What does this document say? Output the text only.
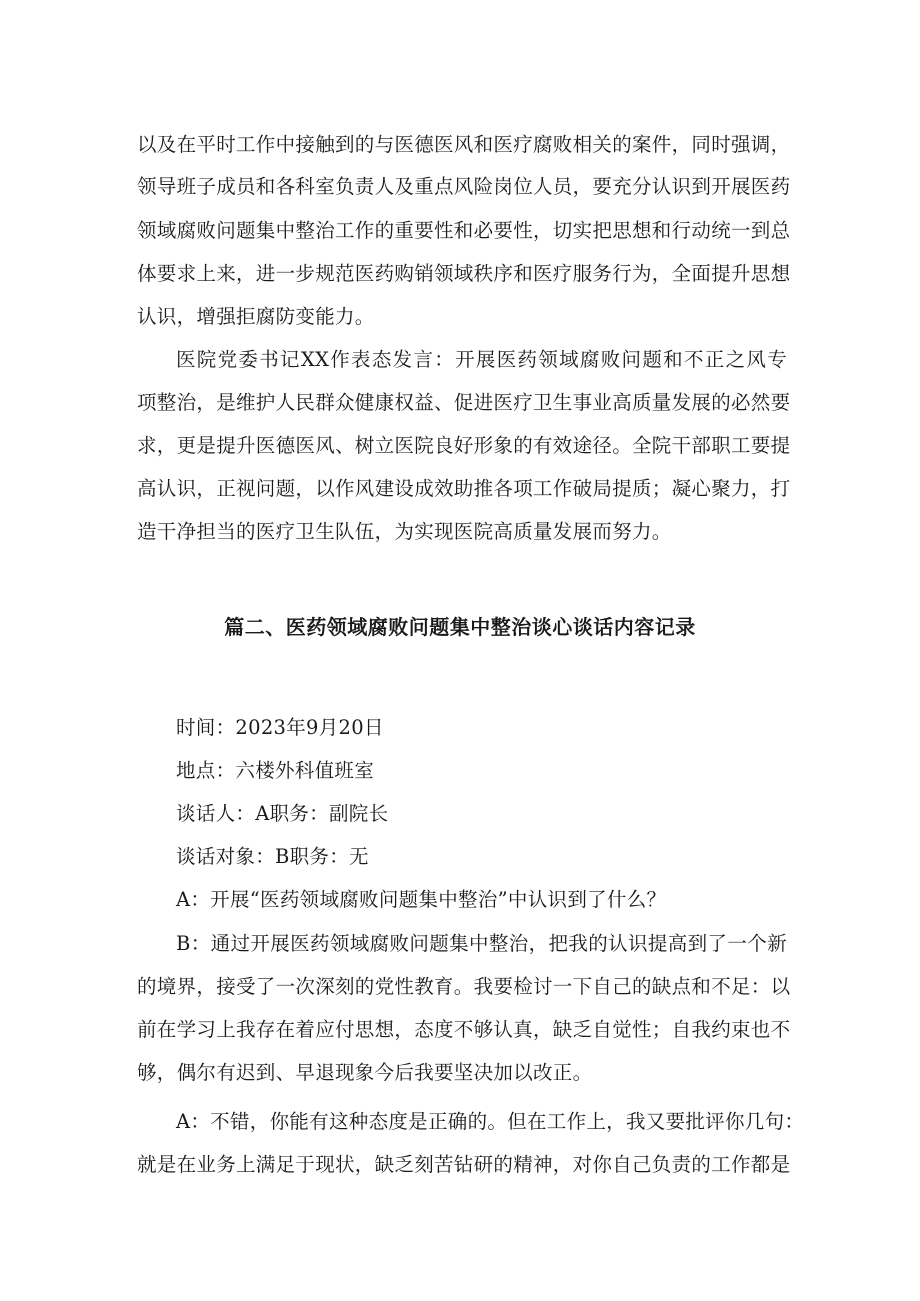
以及在平时工作中接触到的与医德医风和医疗腐败相关的案件，同时强调，
领导班子成员和各科室负责人及重点风险岗位人员，要充分认识到开展医药
领域腐败问题集中整治工作的重要性和必要性，切实把思想和行动统一到总
体要求上来，进一步规范医药购销领域秩序和医疗服务行为，全面提升思想
认识，增强拒腐防变能力。
医院党委书记XX作表态发言：开展医药领域腐败问题和不正之风专
项整治，是维护人民群众健康权益、促进医疗卫生事业高质量发展的必然要
求，更是提升医德医风、树立医院良好形象的有效途径。全院干部职工要提
高认识，正视问题，以作风建设成效助推各项工作破局提质；凝心聚力，打
造干净担当的医疗卫生队伍，为实现医院高质量发展而努力。
篇二、医药领域腐败问题集中整治谈心谈话内容记录
时间：2023年9月20日
地点：六楼外科值班室
谈话人：A职务：副院长
谈话对象：B职务：无
A：开展“医药领域腐败问题集中整治”中认识到了什么？
B：通过开展医药领域腐败问题集中整治，把我的认识提高到了一个新
的境界，接受了一次深刻的党性教育。我要检讨一下自己的缺点和不足：以
前在学习上我存在着应付思想，态度不够认真，缺乏自觉性；自我约束也不
够，偶尔有迟到、早退现象今后我要坚决加以改正。
A：不错，你能有这种态度是正确的。但在工作上，我又要批评你几句：
就是在业务上满足于现状，缺乏刻苦钻研的精神，对你自己负责的工作都是
